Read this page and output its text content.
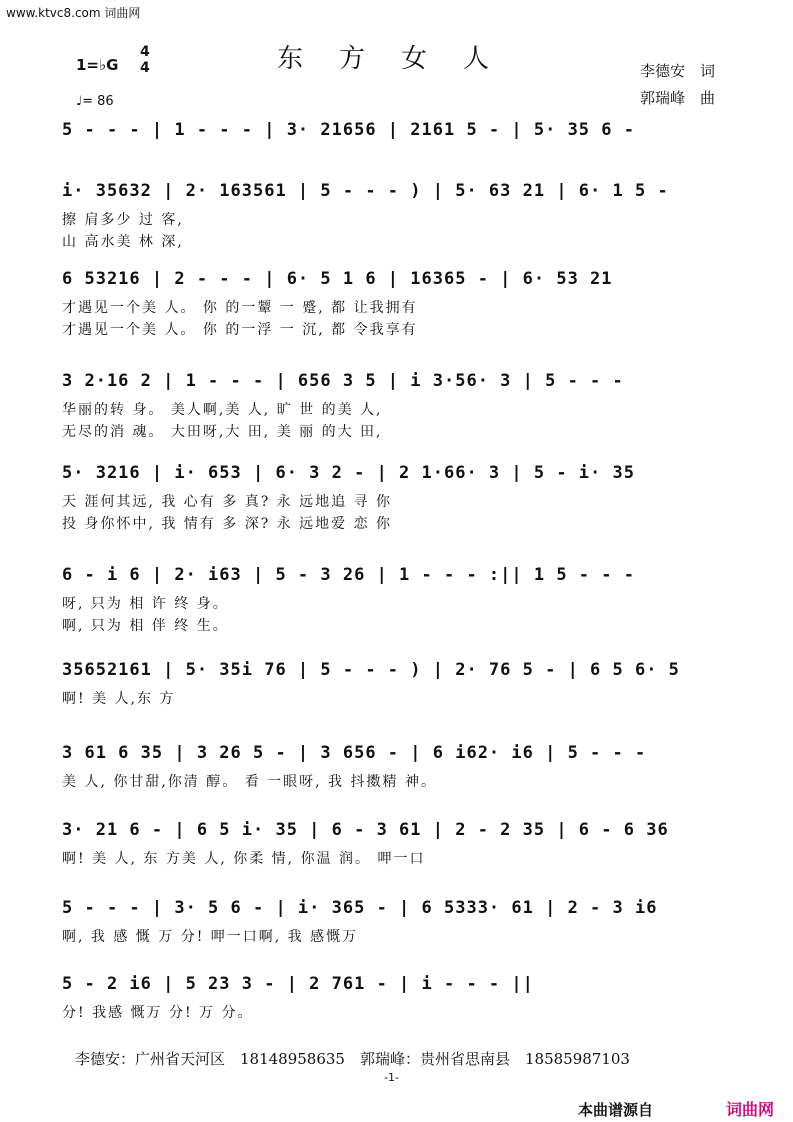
www.ktvc8.com 词曲网
东方女人
1=♭G
4
4
♩= 86
李德安　词
郭瑞峰　曲
5 - - - | 1 - - - | 3· 21656 | 2161 5 - | 5· 35 6 -
i· 35632 | 2· 163561 | 5 - - - ) | 5· 63 21 | 6· 1 5 -
擦 肩多少 过 客,
山 高水美 林 深,
6 53216 | 2 - - - | 6· 5 1 6 | 16365 - | 6· 53 21
才遇见一个美 人。 你 的一颦 一 蹙, 都 让我拥有
才遇见一个美 人。 你 的一浮 一 沉, 都 令我享有
3 2·16 2 | 1 - - - | 656 3 5 | i 3·56· 3 | 5 - - -
华丽的转 身。 美人啊,美 人, 旷 世 的美 人,
无尽的消 魂。 大田呀,大 田, 美 丽 的大 田,
5· 3216 | i· 653 | 6· 3 2 - | 2 1·66· 3 | 5 - i· 35
天 涯何其远, 我 心有 多 真? 永 远地追 寻 你
投 身你怀中, 我 情有 多 深? 永 远地爱 恋 你
6 - i 6 | 2· i63 | 5 - 3 26 | 1 - - - :|| 1 5 - - -
呀, 只为 相 许 终 身。
啊, 只为 相 伴 终 生。
35652161 | 5· 35i 76 | 5 - - - ) | 2· 76 5 - | 6 5 6· 5
啊! 美 人,东 方
3 61 6 35 | 3 26 5 - | 3 656 - | 6 i62· i6 | 5 - - -
美 人, 你甘甜,你清 醇。 看 一眼呀, 我 抖擞精 神。
3· 21 6 - | 6 5 i· 35 | 6 - 3 61 | 2 - 2 35 | 6 - 6 36
啊! 美 人, 东 方美 人, 你柔 情, 你温 润。 呷一口
5 - - - | 3· 5 6 - | i· 365 - | 6 5333· 61 | 2 - 3 i6
啊, 我 感 慨 万 分! 呷一口啊, 我 感慨万
5 - 2 i6 | 5 23 3 - | 2 761 - | i - - - ||
分! 我感 慨万 分! 万 分。
李德安：广州省天河区　18148958635　郭瑞峰：贵州省思南县　18585987103
-1-
本曲谱源自	词曲网
